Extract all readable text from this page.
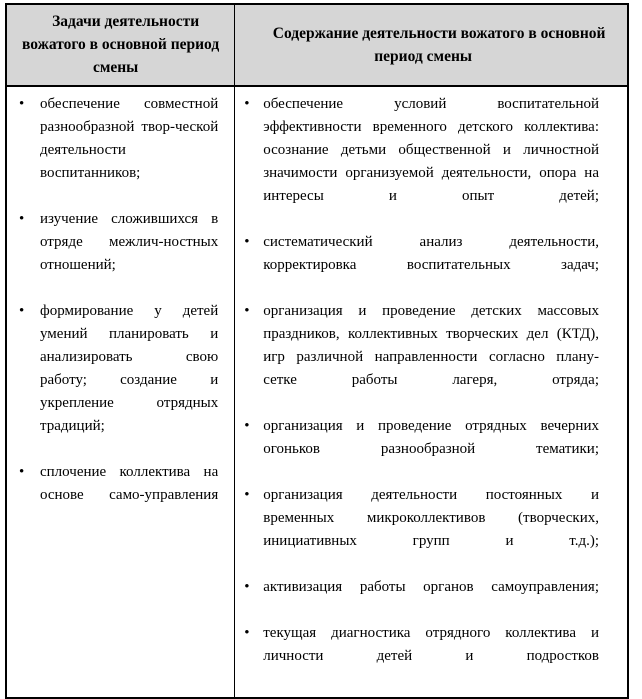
Задачи деятельности вожатого в основной период смены	Содержание деятельности вожатого в основной период смены

•	обеспечение совместной разнообразной твор-ческой деятельности воспитанников;
•	изучение сложившихся в отряде межлич-ностных отношений;
•	формирование у детей умений планировать и анализировать свою работу; создание и укрепление отрядных традиций;
•	сплочение коллектива на основе само-управления

• обеспечение условий воспитательной эффективности временного детского коллектива: осознание детьми общественной и личностной значимости организуемой деятельности, опора на интересы и опыт детей;
• систематический анализ деятельности, корректировка воспитательных задач;
• организация и проведение детских массовых праздников, коллективных творческих дел (КТД), игр различной направленности согласно плану-сетке работы лагеря, отряда;
• организация и проведение отрядных вечерних огоньков разнообразной тематики;
• организация деятельности постоянных и временных микроколлективов (творческих, инициативных групп и т.д.);
• активизация работы органов самоуправления;
• текущая диагностика отрядного коллектива и личности детей и подростков
